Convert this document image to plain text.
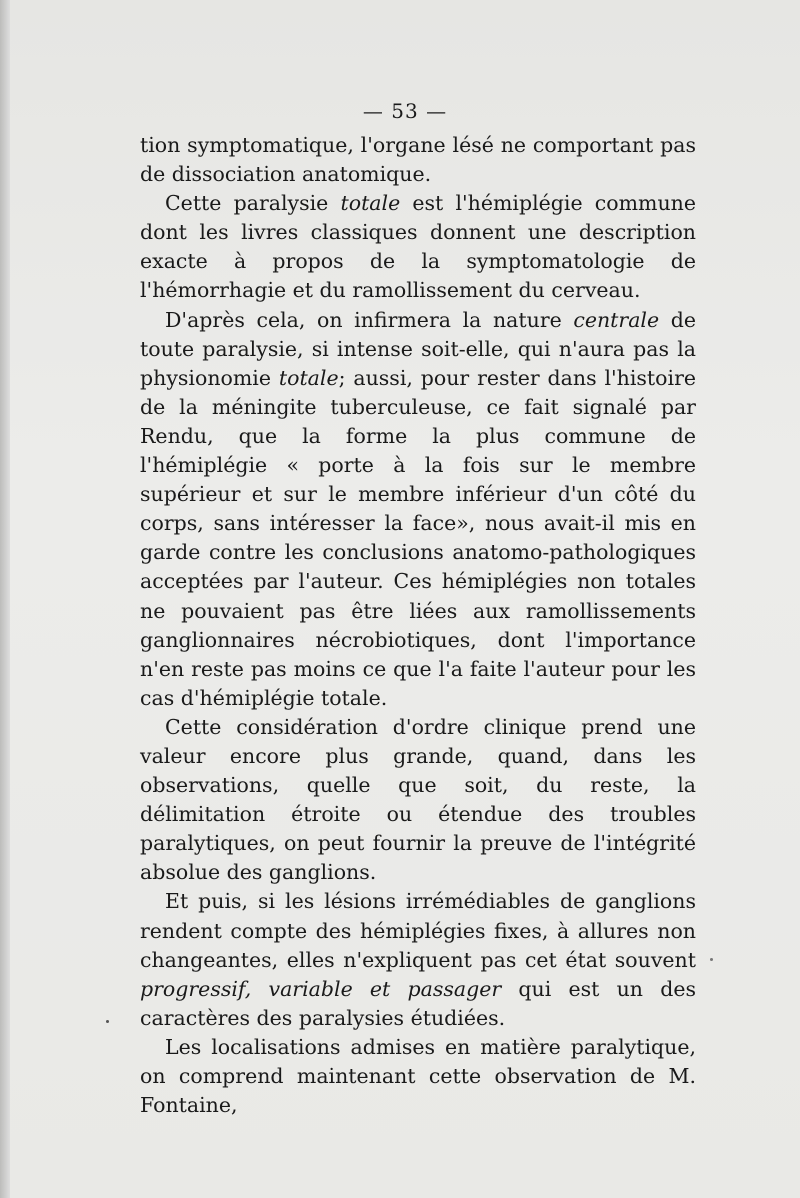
— 53 —

tion symptomatique, l'organe lésé ne comportant pas de dissociation anatomique.

Cette paralysie totale est l'hémiplégie commune dont les livres classiques donnent une description exacte à propos de la symptomatologie de l'hémorrhagie et du ramollissement du cerveau.

D'après cela, on infirmera la nature centrale de toute paralysie, si intense soit-elle, qui n'aura pas la physionomie totale; aussi, pour rester dans l'histoire de la méningite tuberculeuse, ce fait signalé par Rendu, que la forme la plus commune de l'hémiplégie « porte à la fois sur le membre supérieur et sur le membre inférieur d'un côté du corps, sans intéresser la face», nous avait-il mis en garde contre les conclusions anatomo-pathologiques acceptées par l'auteur. Ces hémiplégies non totales ne pouvaient pas être liées aux ramollissements ganglionnaires nécrobiotiques, dont l'importance n'en reste pas moins ce que l'a faite l'auteur pour les cas d'hémiplégie totale.

Cette considération d'ordre clinique prend une valeur encore plus grande, quand, dans les observations, quelle que soit, du reste, la délimitation étroite ou étendue des troubles paralytiques, on peut fournir la preuve de l'intégrité absolue des ganglions.

Et puis, si les lésions irrémédiables de ganglions rendent compte des hémiplégies fixes, à allures non changeantes, elles n'expliquent pas cet état souvent progressif, variable et passager qui est un des caractères des paralysies étudiées.

Les localisations admises en matière paralytique, on comprend maintenant cette observation de M. Fontaine,
